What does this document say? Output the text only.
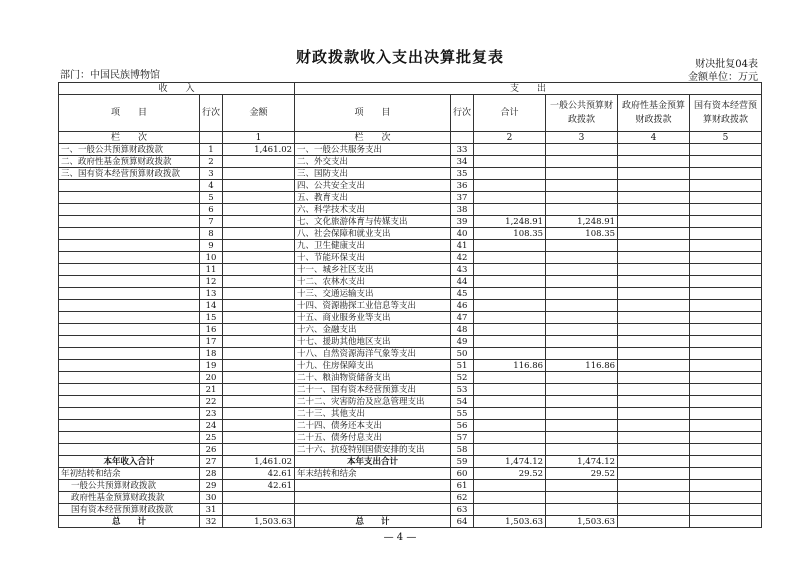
财政拨款收入支出决算批复表
部门：中国民族博物馆
财决批复04表
金额单位：万元
收　　入			支　　出					
项　　目	行次	金额	项　　目	行次	合计	一般公共预算财政拨款	政府性基金预算财政拨款	国有资本经营预算财政拨款
栏　　次		1	栏　　次		2	3	4	5
一、一般公共预算财政拨款	1	1,461.02	一、一般公共服务支出	33				
二、政府性基金预算财政拨款	2		二、外交支出	34				
三、国有资本经营预算财政拨款	3		三、国防支出	35				
	4		四、公共安全支出	36				
	5		五、教育支出	37				
	6		六、科学技术支出	38				
	7		七、文化旅游体育与传媒支出	39	1,248.91	1,248.91		
	8		八、社会保障和就业支出	40	108.35	108.35		
	9		九、卫生健康支出	41				
	10		十、节能环保支出	42				
	11		十一、城乡社区支出	43				
	12		十二、农林水支出	44				
	13		十三、交通运输支出	45				
	14		十四、资源勘探工业信息等支出	46				
	15		十五、商业服务业等支出	47				
	16		十六、金融支出	48				
	17		十七、援助其他地区支出	49				
	18		十八、自然资源海洋气象等支出	50				
	19		十九、住房保障支出	51	116.86	116.86		
	20		二十、粮油物资储备支出	52				
	21		二十一、国有资本经营预算支出	53				
	22		二十二、灾害防治及应急管理支出	54				
	23		二十三、其他支出	55				
	24		二十四、债务还本支出	56				
	25		二十五、债务付息支出	57				
	26		二十六、抗疫特别国债安排的支出	58				
本年收入合计	27	1,461.02	本年支出合计	59	1,474.12	1,474.12		
年初结转和结余	28	42.61	年末结转和结余	60	29.52	29.52		
一般公共预算财政拨款	29	42.61		61				
政府性基金预算财政拨款	30			62				
国有资本经营预算财政拨款	31			63				
总　　计	32	1,503.63	总　　计	64	1,503.63	1,503.63		
— 4 —
